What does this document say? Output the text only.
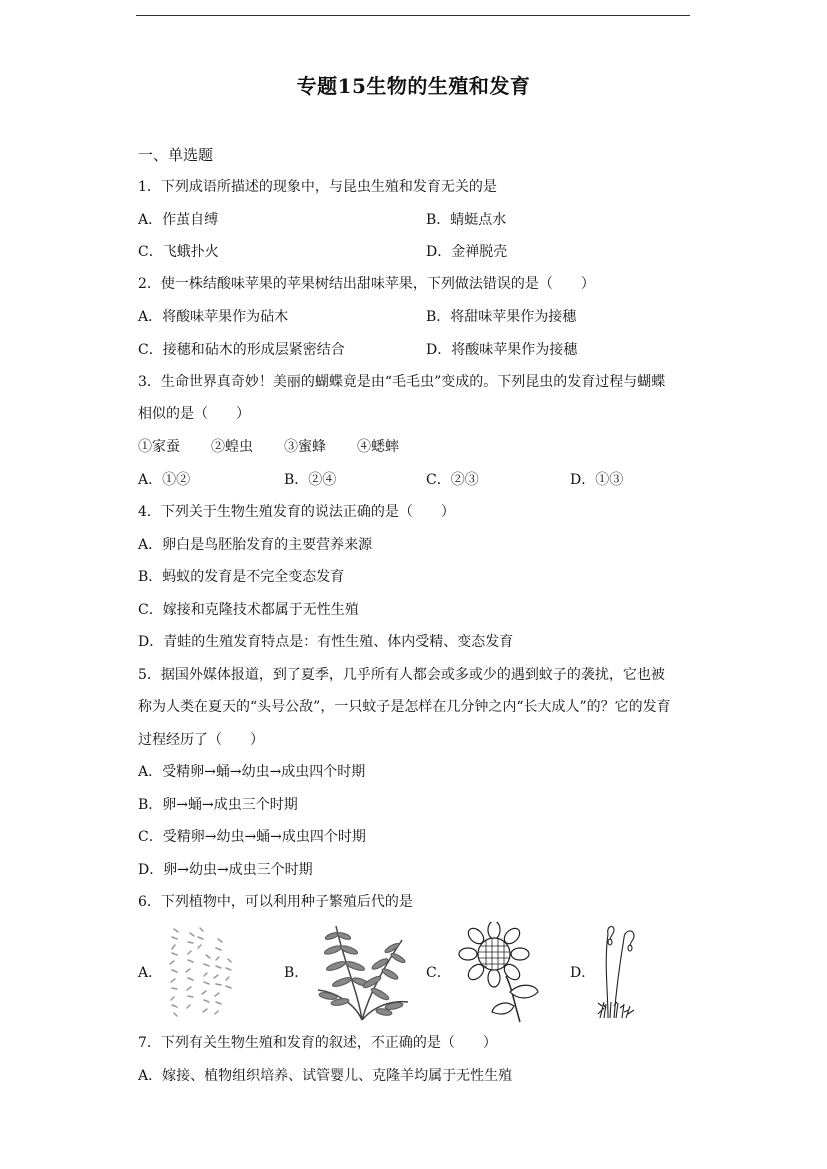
专题15生物的生殖和发育
一、单选题
1．下列成语所描述的现象中，与昆虫生殖和发育无关的是
A．作茧自缚	B．蜻蜓点水
C．飞蛾扑火	D．金禅脱壳
2．使一株结酸味苹果的苹果树结出甜味苹果，下列做法错误的是（　　）
A．将酸味苹果作为砧木	B．将甜味苹果作为接穗
C．接穗和砧木的形成层紧密结合	D．将酸味苹果作为接穗
3．生命世界真奇妙！美丽的蝴蝶竟是由“毛毛虫”变成的。下列昆虫的发育过程与蝴蝶
相似的是（　　）
①家蚕 ②蝗虫 ③蜜蜂 ④蟋蟀
A．①②	B．②④	C．②③	D．①③
4．下列关于生物生殖发育的说法正确的是（　　）
A．卵白是鸟胚胎发育的主要营养来源
B．蚂蚁的发育是不完全变态发育
C．嫁接和克隆技术都属于无性生殖
D．青蛙的生殖发育特点是：有性生殖、体内受精、变态发育
5．据国外媒体报道，到了夏季，几乎所有人都会或多或少的遇到蚊子的袭扰，它也被
称为人类在夏天的“头号公敌”，一只蚊子是怎样在几分钟之内“长大成人”的？它的发育
过程经历了（　　）
A．受精卵→蛹→幼虫→成虫四个时期
B．卵→蛹→成虫三个时期
C．受精卵→幼虫→蛹→成虫四个时期
D．卵→幼虫→成虫三个时期
6．下列植物中，可以利用种子繁殖后代的是
A．	B．	C．	D．
7．下列有关生物生殖和发育的叙述，不正确的是（　　）
A．嫁接、植物组织培养、试管婴儿、克隆羊均属于无性生殖
